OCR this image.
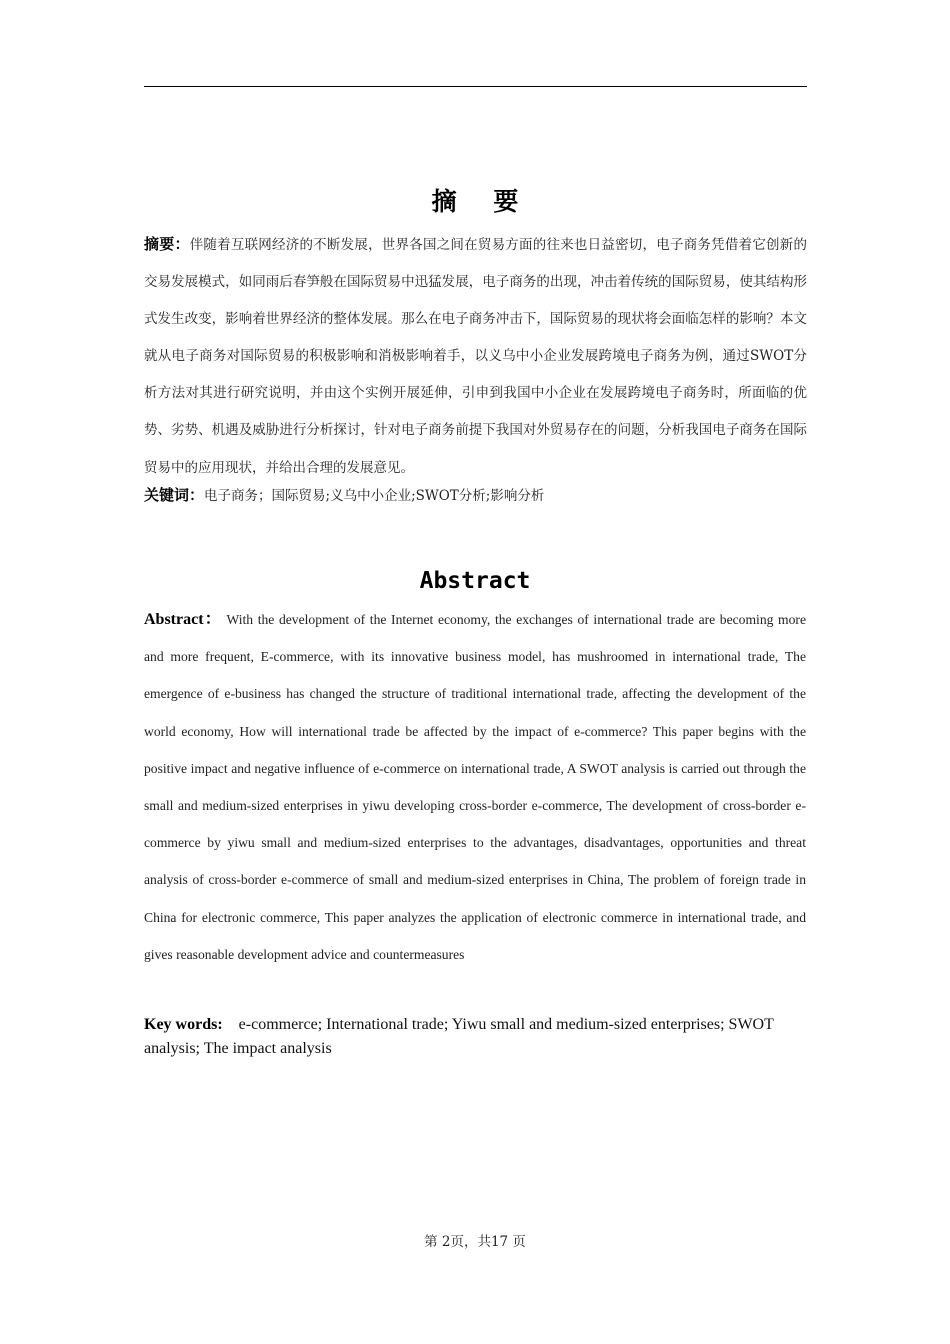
摘 要
摘要：伴随着互联网经济的不断发展，世界各国之间在贸易方面的往来也日益密切，电子商务凭借着它创新的交易发展模式，如同雨后春笋般在国际贸易中迅猛发展，电子商务的出现，冲击着传统的国际贸易，使其结构形式发生改变，影响着世界经济的整体发展。那么在电子商务冲击下，国际贸易的现状将会面临怎样的影响？本文就从电子商务对国际贸易的积极影响和消极影响着手，以义乌中小企业发展跨境电子商务为例，通过SWOT分析方法对其进行研究说明，并由这个实例开展延伸，引申到我国中小企业在发展跨境电子商务时，所面临的优势、劣势、机遇及威胁进行分析探讨，针对电子商务前提下我国对外贸易存在的问题，分析我国电子商务在国际贸易中的应用现状，并给出合理的发展意见。
关键词：电子商务；国际贸易;义乌中小企业;SWOT分析;影响分析
Abstract
Abstract： With the development of the Internet economy, the exchanges of international trade are becoming more and more frequent, E-commerce, with its innovative business model, has mushroomed in international trade, The emergence of e-business has changed the structure of traditional international trade, affecting the development of the world economy, How will international trade be affected by the impact of e-commerce? This paper begins with the positive impact and negative influence of e-commerce on international trade, A SWOT analysis is carried out through the small and medium-sized enterprises in yiwu developing cross-border e-commerce, The development of cross-border e-commerce by yiwu small and medium-sized enterprises to the advantages, disadvantages, opportunities and threat analysis of cross-border e-commerce of small and medium-sized enterprises in China, The problem of foreign trade in China for electronic commerce, This paper analyzes the application of electronic commerce in international trade, and gives reasonable development advice and countermeasures
Key words: e-commerce; International trade; Yiwu small and medium-sized enterprises; SWOT analysis; The impact analysis
第 2页，共17 页
